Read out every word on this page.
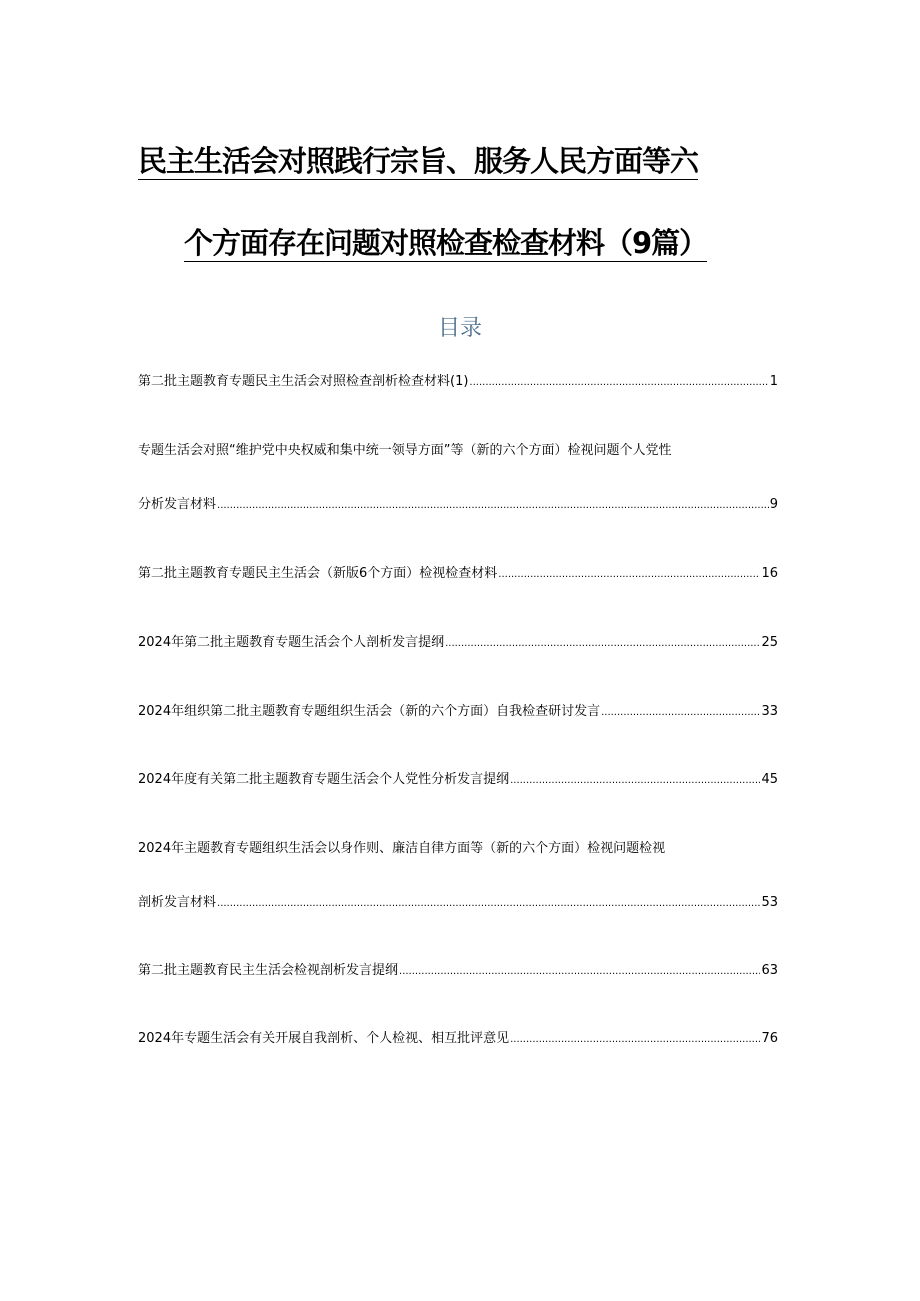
民主生活会对照践行宗旨、服务人民方面等六
个方面存在问题对照检查检查材料（9篇）
目录
第二批主题教育专题民主生活会对照检查剖析检查材料(1) .....	1
专题生活会对照“维护党中央权威和集中统一领导方面”等（新的六个方面）检视问题个人党性
分析发言材料 .....	9
第二批主题教育专题民主生活会（新版6个方面）检视检查材料 .....	16
2024年第二批主题教育专题生活会个人剖析发言提纲 .....	25
2024年组织第二批主题教育专题组织生活会（新的六个方面）自我检查研讨发言 .....	33
2024年度有关第二批主题教育专题生活会个人党性分析发言提纲 .....	45
2024年主题教育专题组织生活会以身作则、廉洁自律方面等（新的六个方面）检视问题检视
剖析发言材料 .....	53
第二批主题教育民主生活会检视剖析发言提纲 .....	63
2024年专题生活会有关开展自我剖析、个人检视、相互批评意见 .....	76
